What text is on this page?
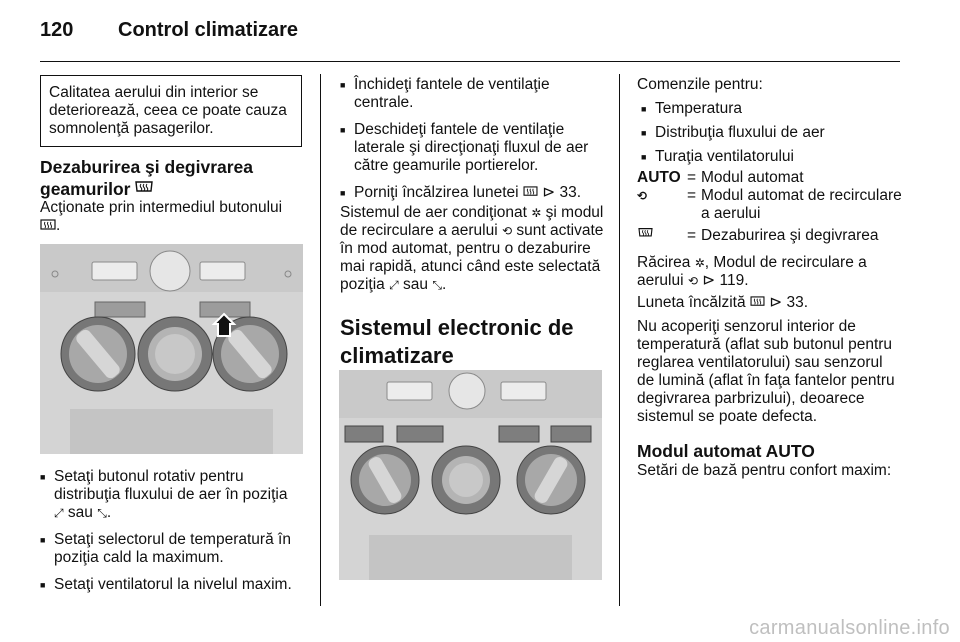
120 Control climatizare
Calitatea aerului din interior se deteriorează, ceea ce poate cauza somnolenţă pasagerilor.
Dezaburirea şi degivrarea geamurilor
Acţionate prin intermediul butonului
.
■ Setaţi butonul rotativ pentru distribuţia fluxului de aer în poziţia
⤢ sau ⤡.
■ Setaţi selectorul de temperatură în poziţia cald la maximum.
■ Setaţi ventilatorul la nivelul maxim.
■ Închideţi fantele de ventilaţie centrale.
■ Deschideţi fantele de ventilaţie laterale şi direcţionaţi fluxul de aer către geamurile portierelor.
■ Porniţi încălzirea lunetei ⊳ 33.
Sistemul de aer condiţionat ✲ şi modul de recirculare a aerului ⟲ sunt activate în mod automat, pentru o dezaburire mai rapidă, atunci când este selectată poziţia ⤢ sau ⤡.
Sistemul electronic de climatizare
Comenzile pentru:
■ Temperatura
■ Distribuţia fluxului de aer
■ Turaţia ventilatorului
AUTO	=	Modul automat
⟲	=	Modul automat de recirculare a aerului
	=	Dezaburirea şi degivrarea
Răcirea ✲, Modul de recirculare a aerului ⟲ ⊳ 119.
Luneta încălzită ⊳ 33.
Nu acoperiţi senzorul interior de temperatură (aflat sub butonul pentru reglarea ventilatorului) sau senzorul de lumină (aflat în faţa fantelor pentru degivrarea parbrizului), deoarece sistemul se poate defecta.
Modul automat AUTO
Setări de bază pentru confort maxim:
carmanualsonline.info
